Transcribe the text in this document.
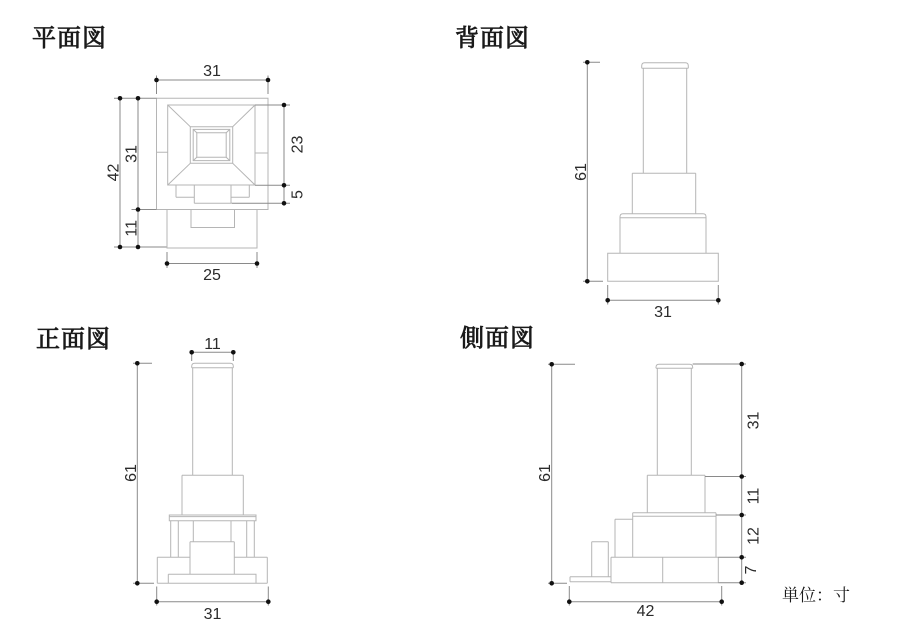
平面図
31
42
31
11
23
5
25
背面図
61
31
正面図	11
61
31
側面図
61
31
11
12
7
42
単位：寸
